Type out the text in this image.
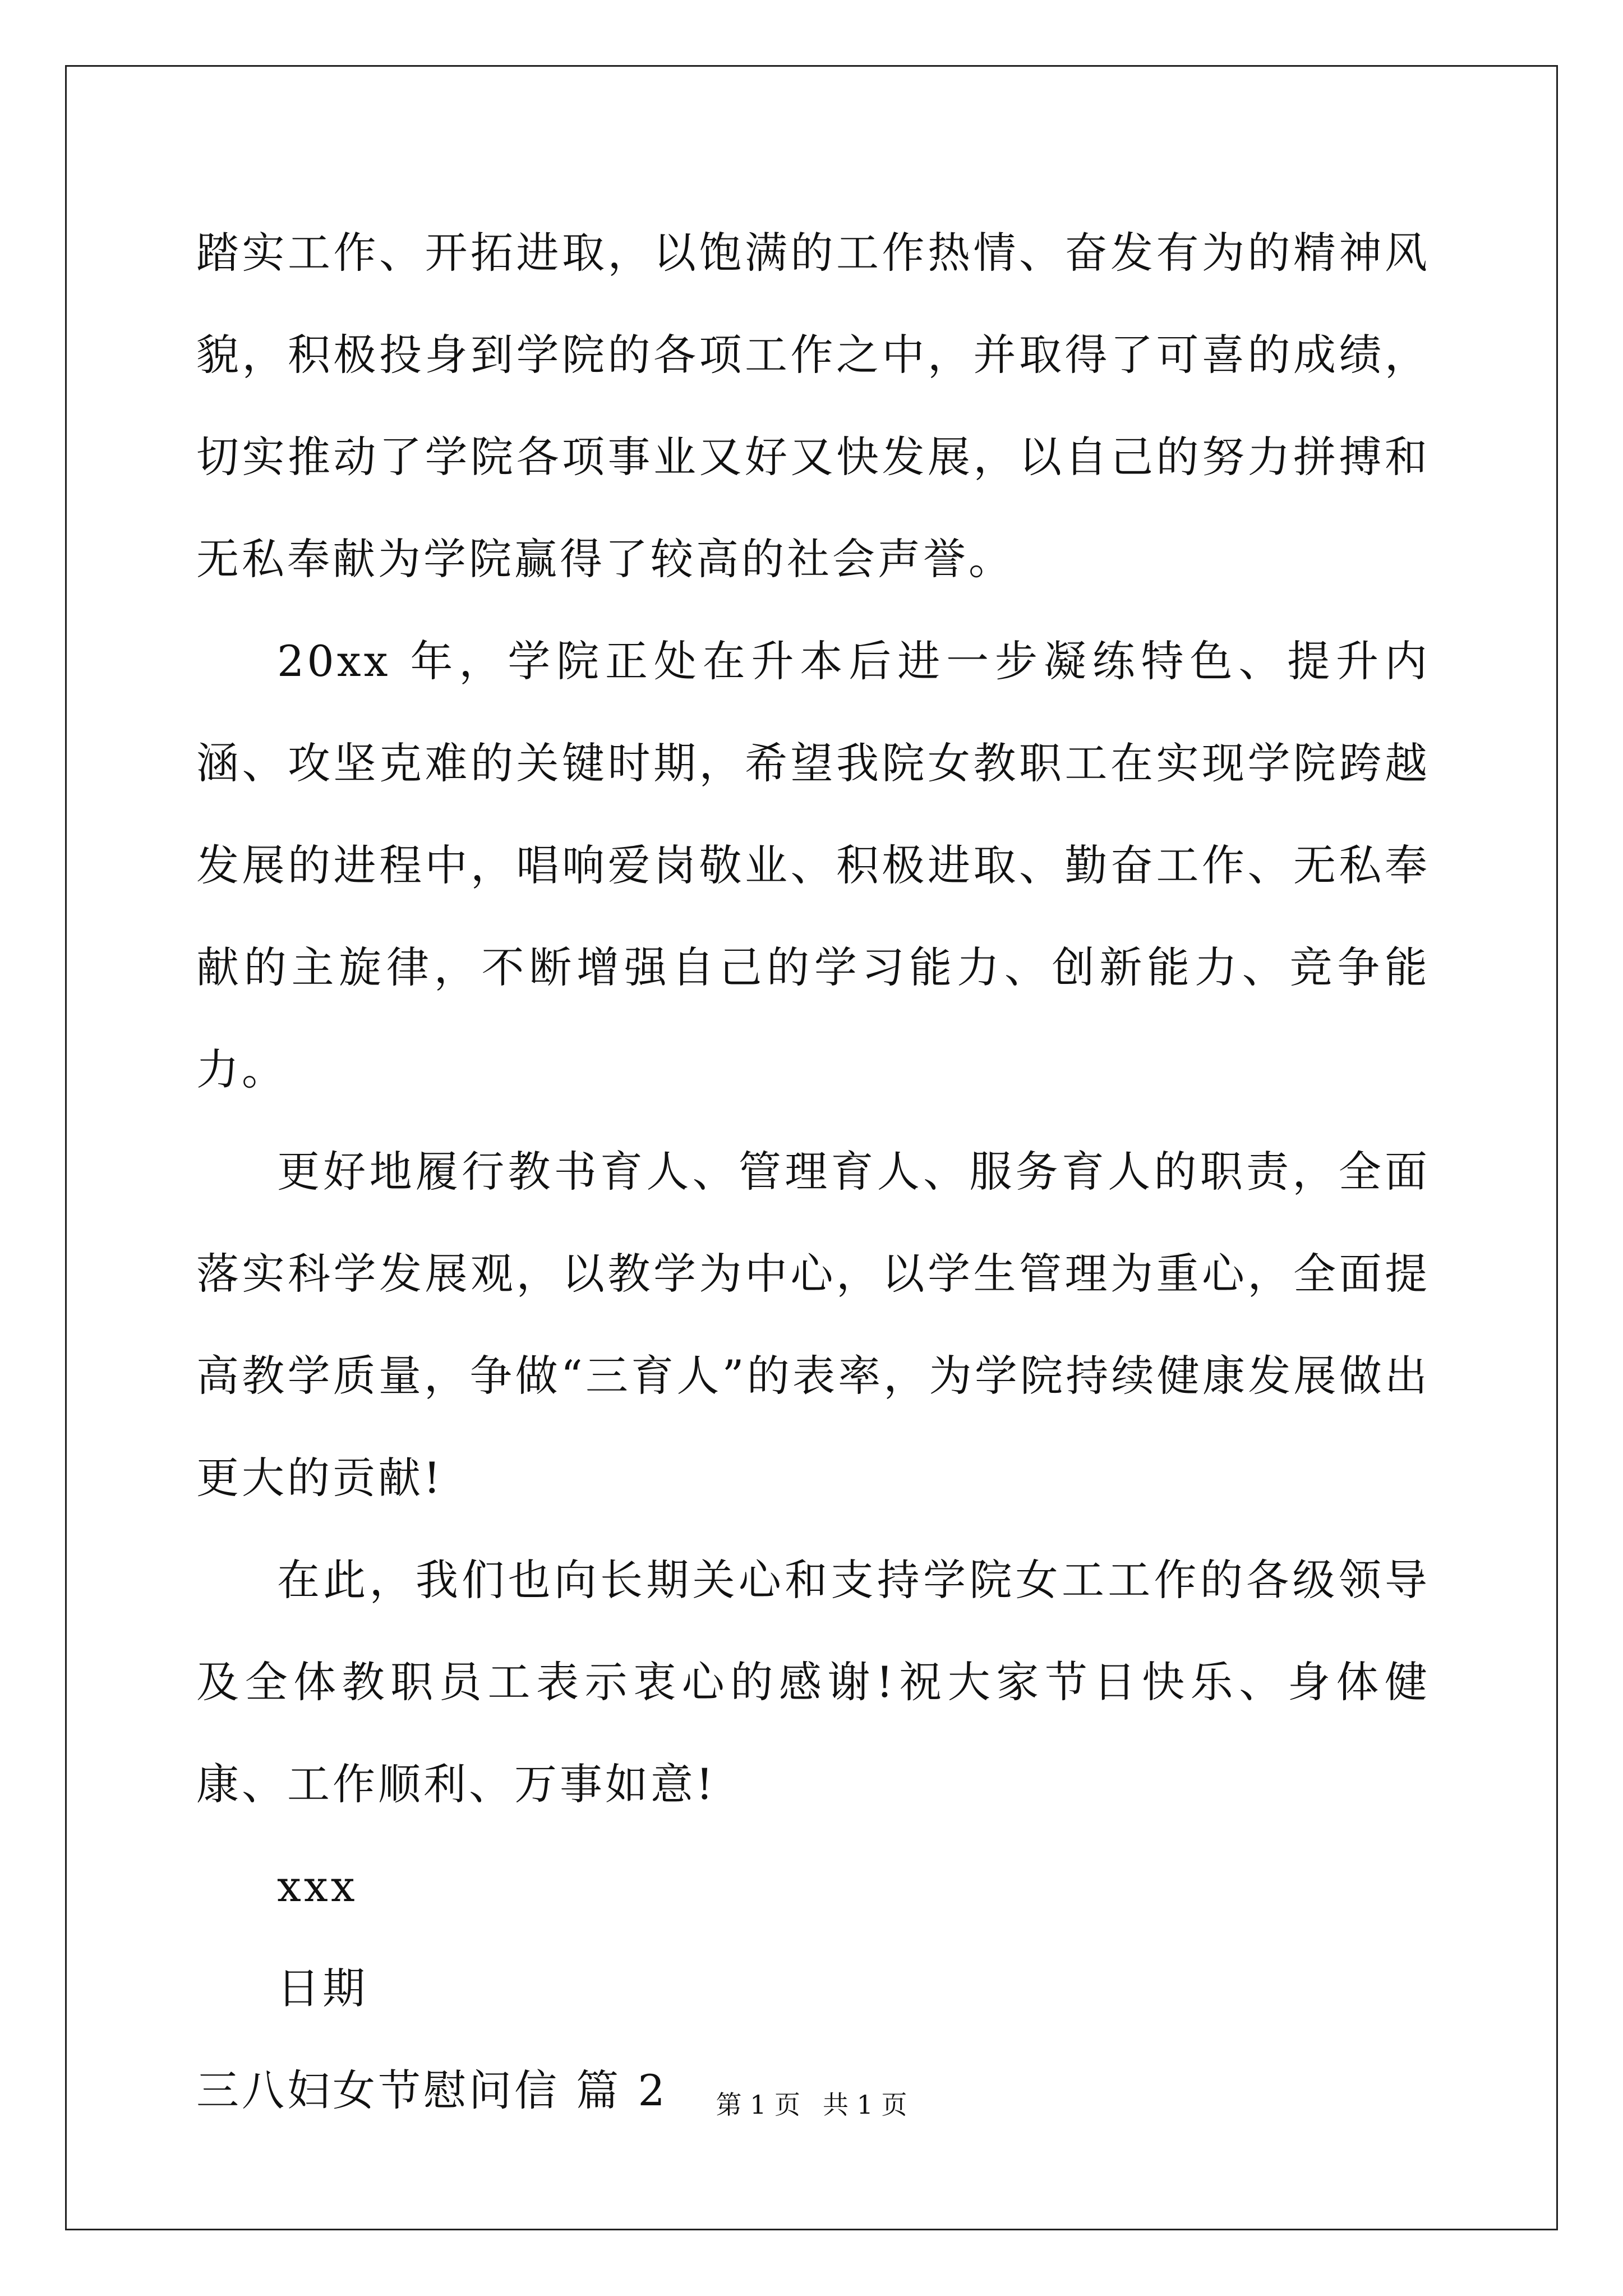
踏实工作、开拓进取，以饱满的工作热情、奋发有为的精神风貌，积极投身到学院的各项工作之中，并取得了可喜的成绩，切实推动了学院各项事业又好又快发展，以自己的努力拼搏和无私奉献为学院赢得了较高的社会声誉。

20xx 年，学院正处在升本后进一步凝练特色、提升内涵、攻坚克难的关键时期，希望我院女教职工在实现学院跨越发展的进程中，唱响爱岗敬业、积极进取、勤奋工作、无私奉献的主旋律，不断增强自己的学习能力、创新能力、竞争能力。

更好地履行教书育人、管理育人、服务育人的职责，全面落实科学发展观，以教学为中心，以学生管理为重心，全面提高教学质量，争做“三育人”的表率，为学院持续健康发展做出更大的贡献!

在此，我们也向长期关心和支持学院女工工作的各级领导及全体教职员工表示衷心的感谢!祝大家节日快乐、身体健康、工作顺利、万事如意!

xxx

日期

三八妇女节慰问信 篇 2	第 1 页 共 1 页
